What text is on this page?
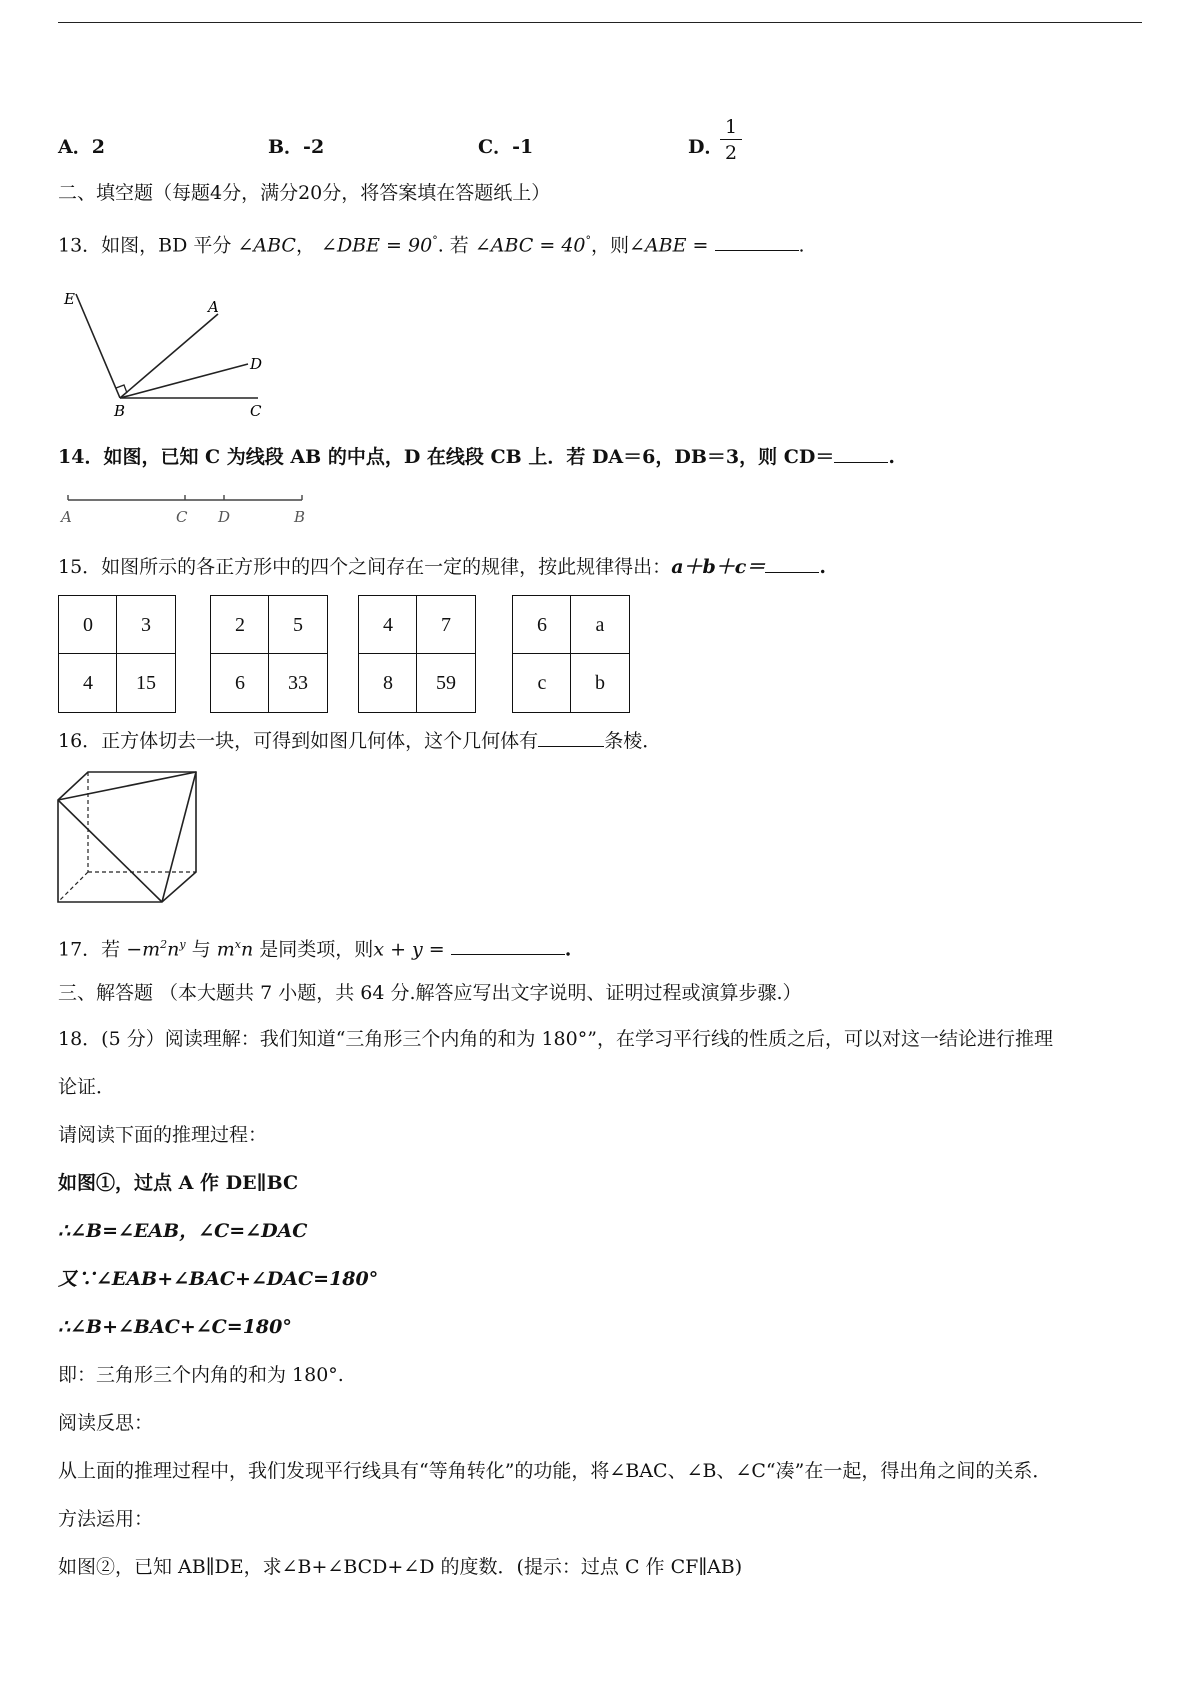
A．2	B．-2	C．-1	D．
$\frac{1}{2}$
二、填空题（每题4分，满分20分，将答案填在答题纸上）
13．如图，BD 平分 ∠ABC， ∠DBE = 90°. 若 ∠ABC = 40°，则∠ABE =	.
E	A
D
B	C
14．如图，已知 C 为线段 AB 的中点，D 在线段 CB 上．若 DA＝6，DB＝3，则 CD＝	.
A	C D	B
15．如图所示的各正方形中的四个之间存在一定的规律，按此规律得出：a＋b＋c＝	.
0	3
4	15
2	5
6	33
4	7
8	59
6	a
c	b
16．正方体切去一块，可得到如图几何体，这个几何体有	条棱．
17．若 $-m^2n^y$ 与 $m^xn$ 是同类项，则x + y =	.
三、解答题 （本大题共 7 小题，共 64 分.解答应写出文字说明、证明过程或演算步骤.）
18．(5 分）阅读理解：我们知道“三角形三个内角的和为 180°”，在学习平行线的性质之后，可以对这一结论进行推理
论证．
请阅读下面的推理过程：
如图①，过点 A 作 DE∥BC
∴∠B=∠EAB，∠C=∠DAC
又∵∠EAB+∠BAC+∠DAC=180°
∴∠B+∠BAC+∠C=180°
即：三角形三个内角的和为 180°.
阅读反思：
从上面的推理过程中，我们发现平行线具有“等角转化”的功能，将∠BAC、∠B、∠C“凑”在一起，得出角之间的关系．
方法运用：
如图②，已知 AB∥DE，求∠B+∠BCD+∠D 的度数．(提示：过点 C 作 CF∥AB)
